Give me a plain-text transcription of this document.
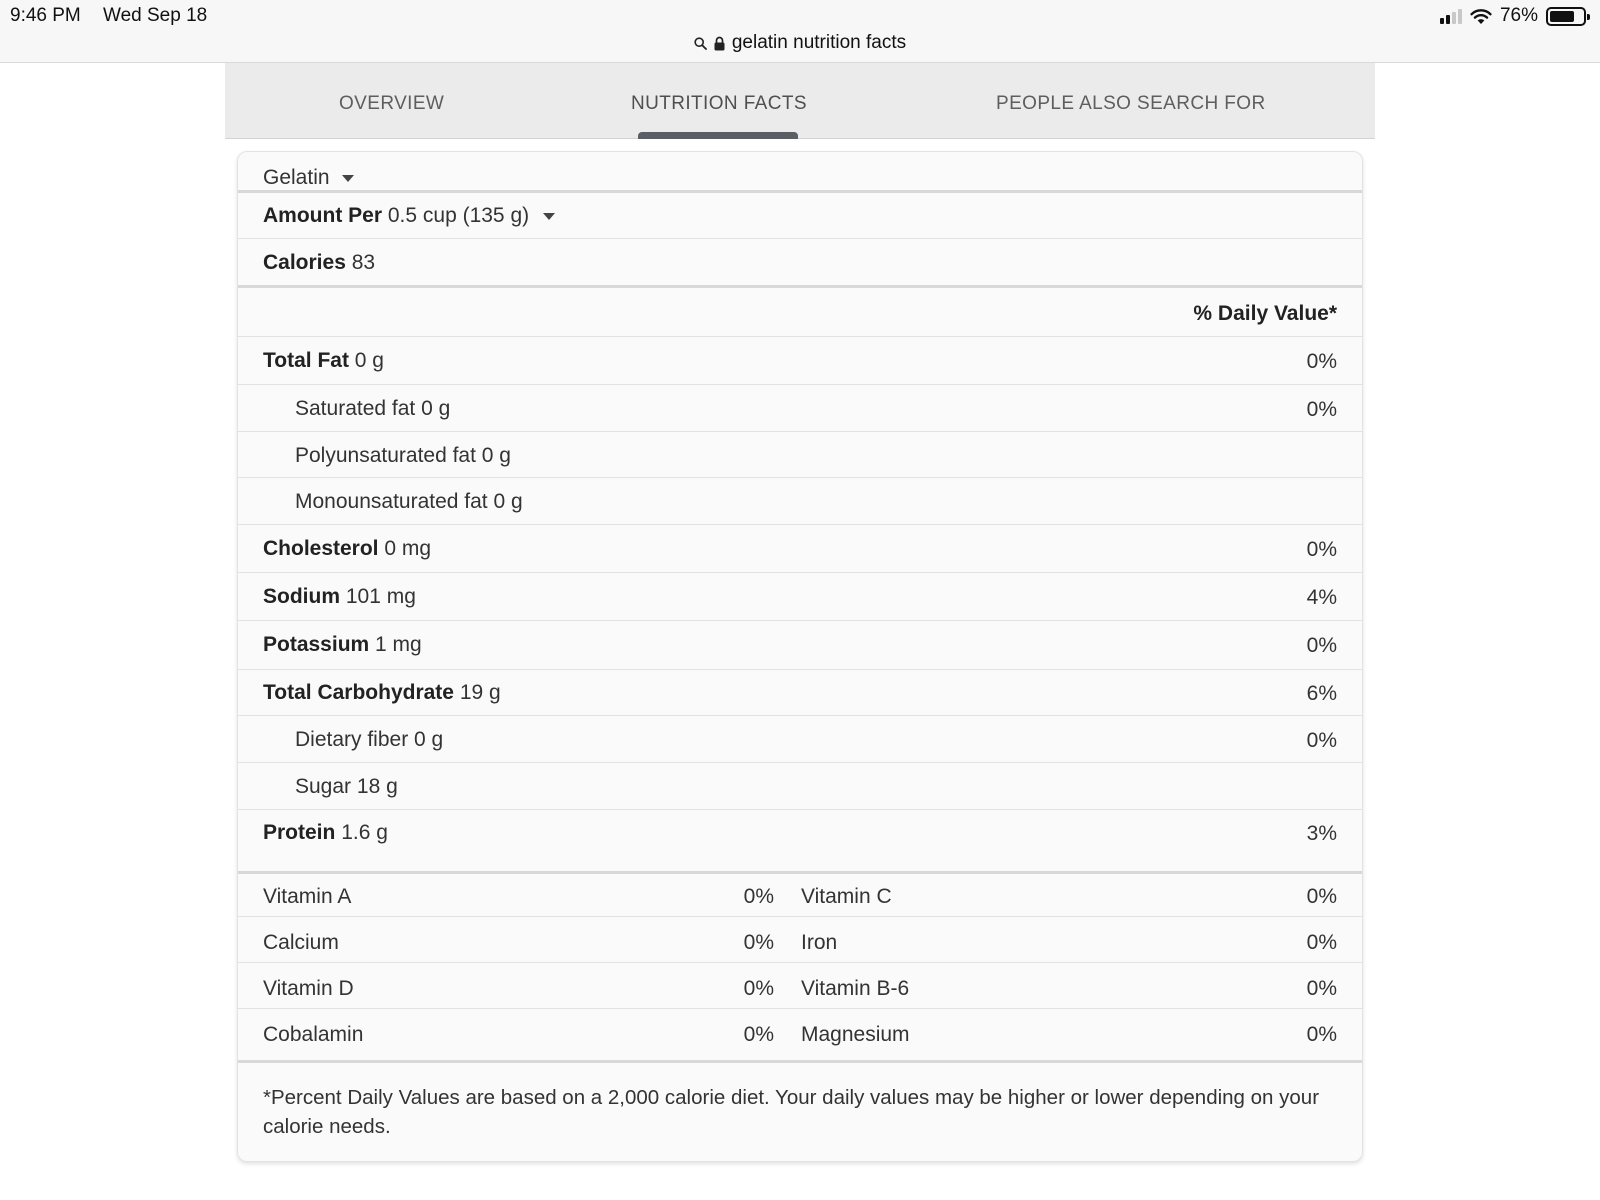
9:46 PM Wed Sep 18	76%
gelatin nutrition facts
OVERVIEW	NUTRITION FACTS	PEOPLE ALSO SEARCH FOR
Gelatin
Amount Per 0.5 cup (135 g)
Calories 83
% Daily Value*
Total Fat 0 g	0%
Saturated fat 0 g	0%
Polyunsaturated fat 0 g
Monounsaturated fat 0 g
Cholesterol 0 mg	0%
Sodium 101 mg	4%
Potassium 1 mg	0%
Total Carbohydrate 19 g	6%
Dietary fiber 0 g	0%
Sugar 18 g
Protein 1.6 g	3%
Vitamin A	0% Vitamin C	0%
Calcium	0% Iron	0%
Vitamin D	0% Vitamin B-6	0%
Cobalamin	0% Magnesium	0%
*Percent Daily Values are based on a 2,000 calorie diet. Your daily values may be higher or lower depending on your calorie needs.
